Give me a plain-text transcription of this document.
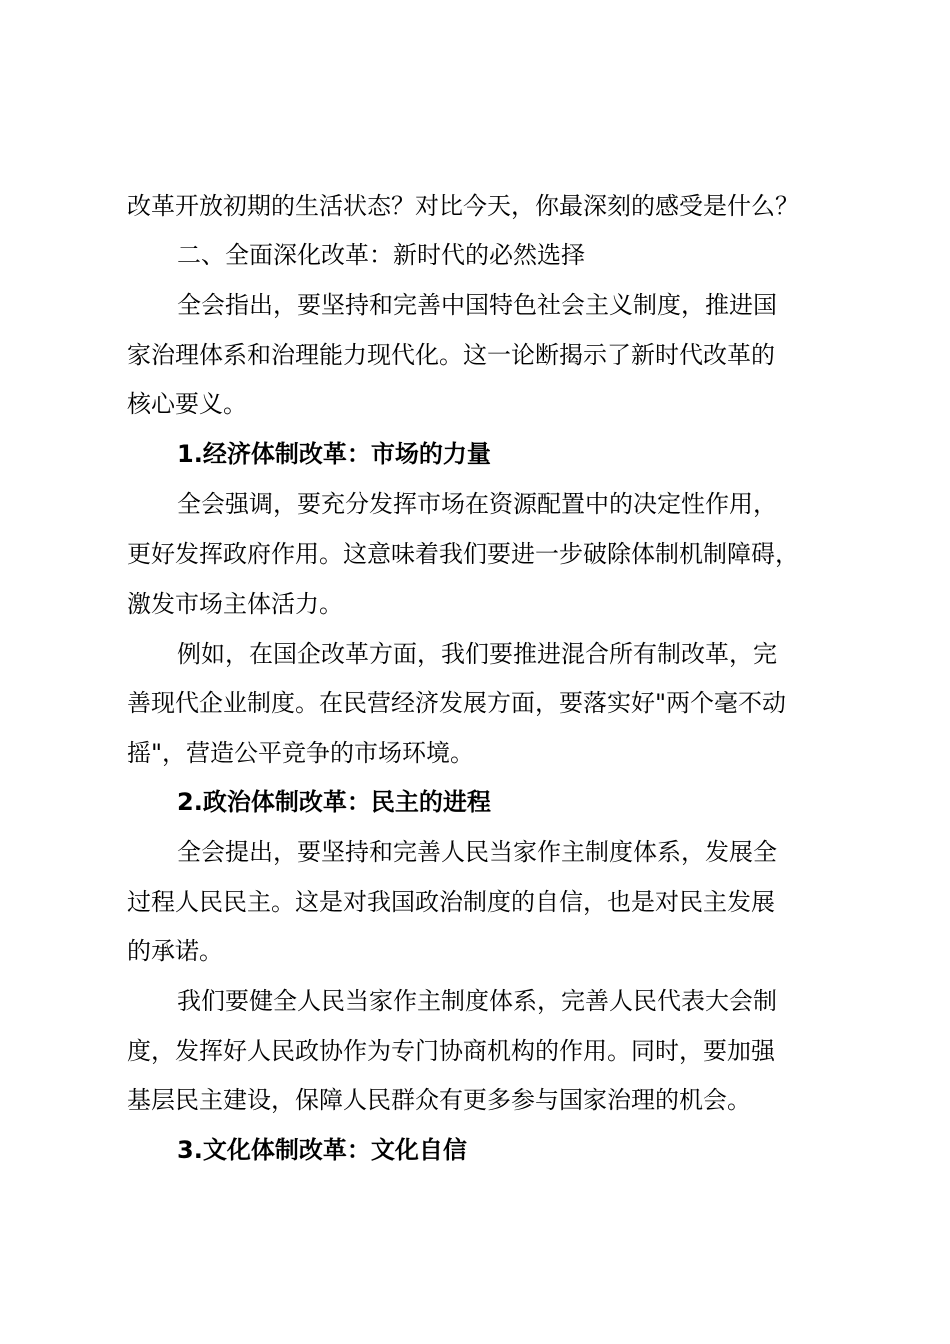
改革开放初期的生活状态？对比今天，你最深刻的感受是什么？
二、全面深化改革：新时代的必然选择
全会指出，要坚持和完善中国特色社会主义制度，推进国
家治理体系和治理能力现代化。这一论断揭示了新时代改革的
核心要义。
1.经济体制改革：市场的力量
全会强调，要充分发挥市场在资源配置中的决定性作用，
更好发挥政府作用。这意味着我们要进一步破除体制机制障碍，
激发市场主体活力。
例如，在国企改革方面，我们要推进混合所有制改革，完
善现代企业制度。在民营经济发展方面，要落实好"两个毫不动
摇"，营造公平竞争的市场环境。
2.政治体制改革：民主的进程
全会提出，要坚持和完善人民当家作主制度体系，发展全
过程人民民主。这是对我国政治制度的自信，也是对民主发展
的承诺。
我们要健全人民当家作主制度体系，完善人民代表大会制
度，发挥好人民政协作为专门协商机构的作用。同时，要加强
基层民主建设，保障人民群众有更多参与国家治理的机会。
3.文化体制改革：文化自信
